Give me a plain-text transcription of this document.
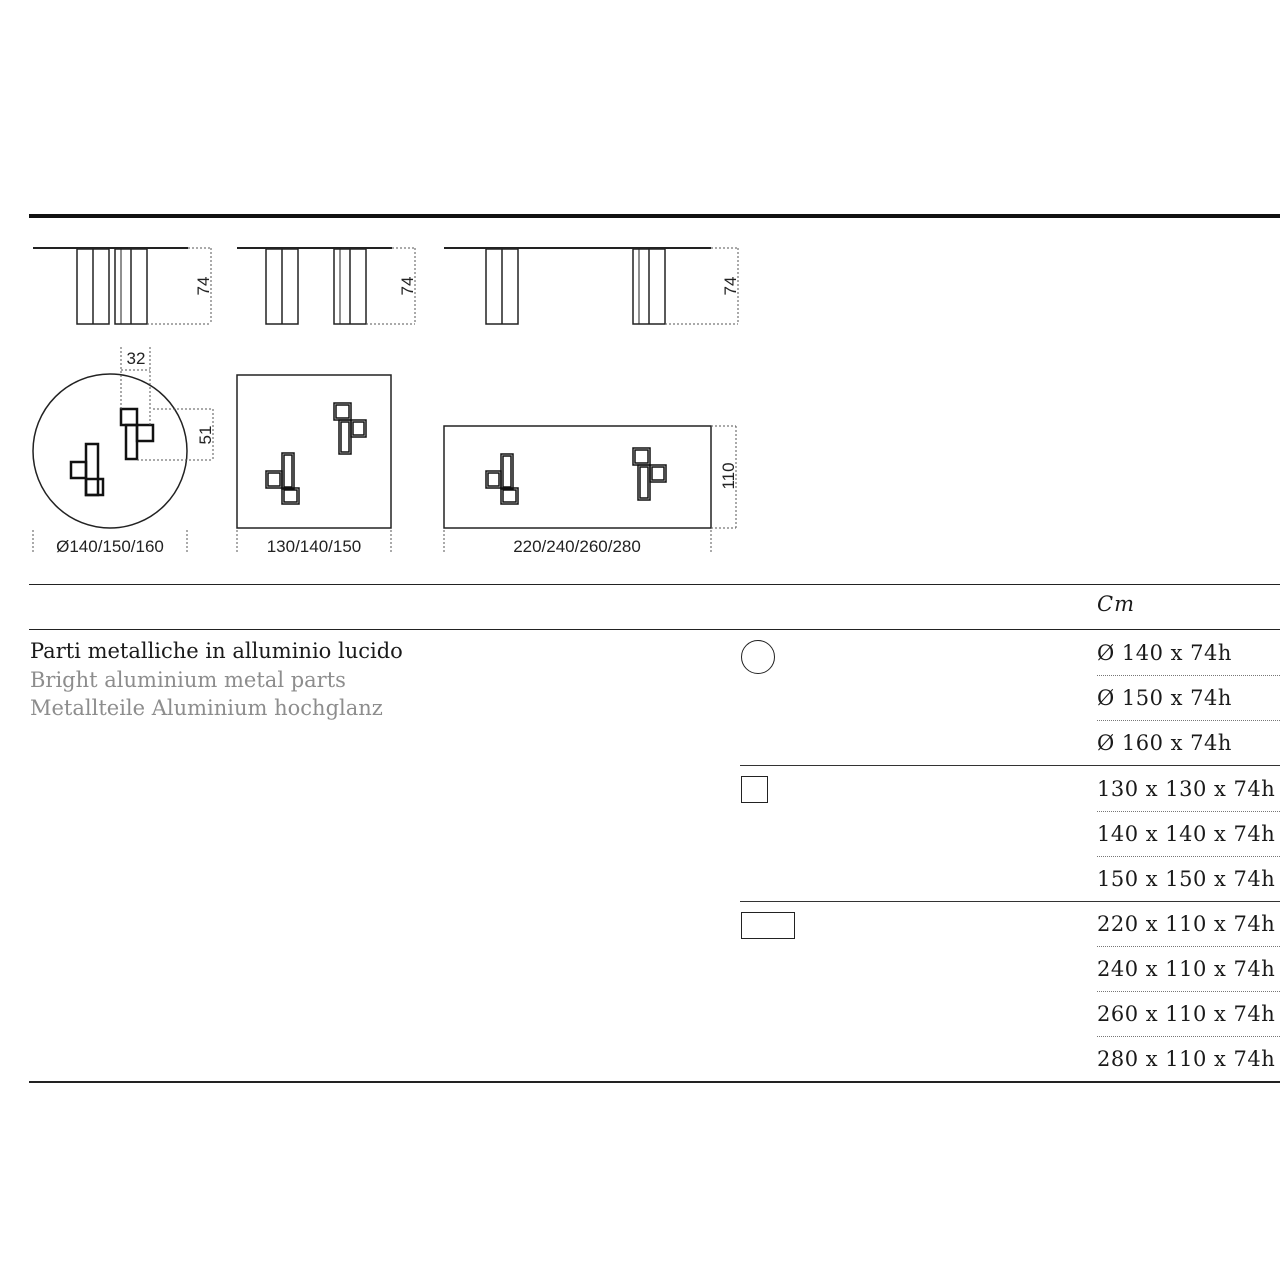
74	74	74
32
51
Ø140/150/160	130/140/150
110
220/240/260/280
Cm
Parti metalliche in alluminio lucido
Bright aluminium metal parts
Metallteile Aluminium hochglanz
Ø 140 x 74h
Ø 150 x 74h
Ø 160 x 74h
130 x 130 x 74h
140 x 140 x 74h
150 x 150 x 74h
220 x 110 x 74h
240 x 110 x 74h
260 x 110 x 74h
280 x 110 x 74h
